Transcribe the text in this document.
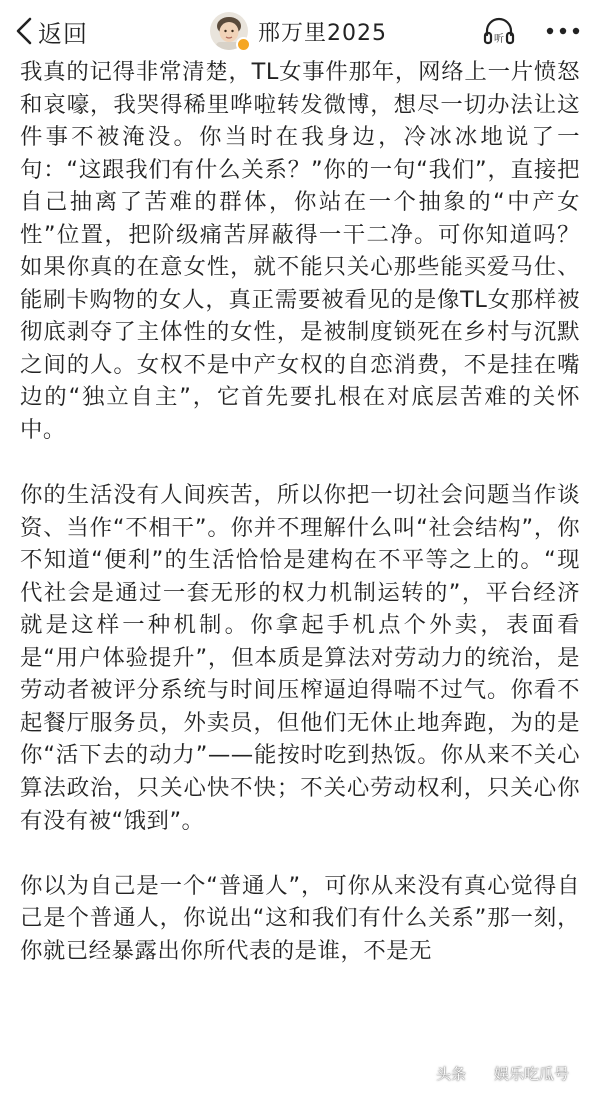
返回	邢万里2025	听

我真的记得非常清楚，TL女事件那年，网络上一片愤怒和哀嚎，我哭得稀里哗啦转发微博，想尽一切办法让这件事不被淹没。你当时在我身边，冷冰冰地说了一句：“这跟我们有什么关系？”你的一句“我们”，直接把自己抽离了苦难的群体，你站在一个抽象的“中产女性”位置，把阶级痛苦屏蔽得一干二净。可你知道吗？如果你真的在意女性，就不能只关心那些能买爱马仕、能刷卡购物的女人，真正需要被看见的是像TL女那样被彻底剥夺了主体性的女性，是被制度锁死在乡村与沉默之间的人。女权不是中产女权的自恋消费，不是挂在嘴边的“独立自主”，它首先要扎根在对底层苦难的关怀中。

你的生活没有人间疾苦，所以你把一切社会问题当作谈资、当作“不相干”。你并不理解什么叫“社会结构”，你不知道“便利”的生活恰恰是建构在不平等之上的。“现代社会是通过一套无形的权力机制运转的”，平台经济就是这样一种机制。你拿起手机点个外卖，表面看是“用户体验提升”，但本质是算法对劳动力的统治，是劳动者被评分系统与时间压榨逼迫得喘不过气。你看不起餐厅服务员，外卖员，但他们无休止地奔跑，为的是你“活下去的动力”——能按时吃到热饭。你从来不关心算法政治，只关心快不快；不关心劳动权利，只关心你有没有被“饿到”。

你以为自己是一个“普通人”，可你从来没有真心觉得自己是个普通人，你说出“这和我们有什么关系”那一刻，你就已经暴露出你所代表的是谁，不是无

头条 娱乐吃瓜号
